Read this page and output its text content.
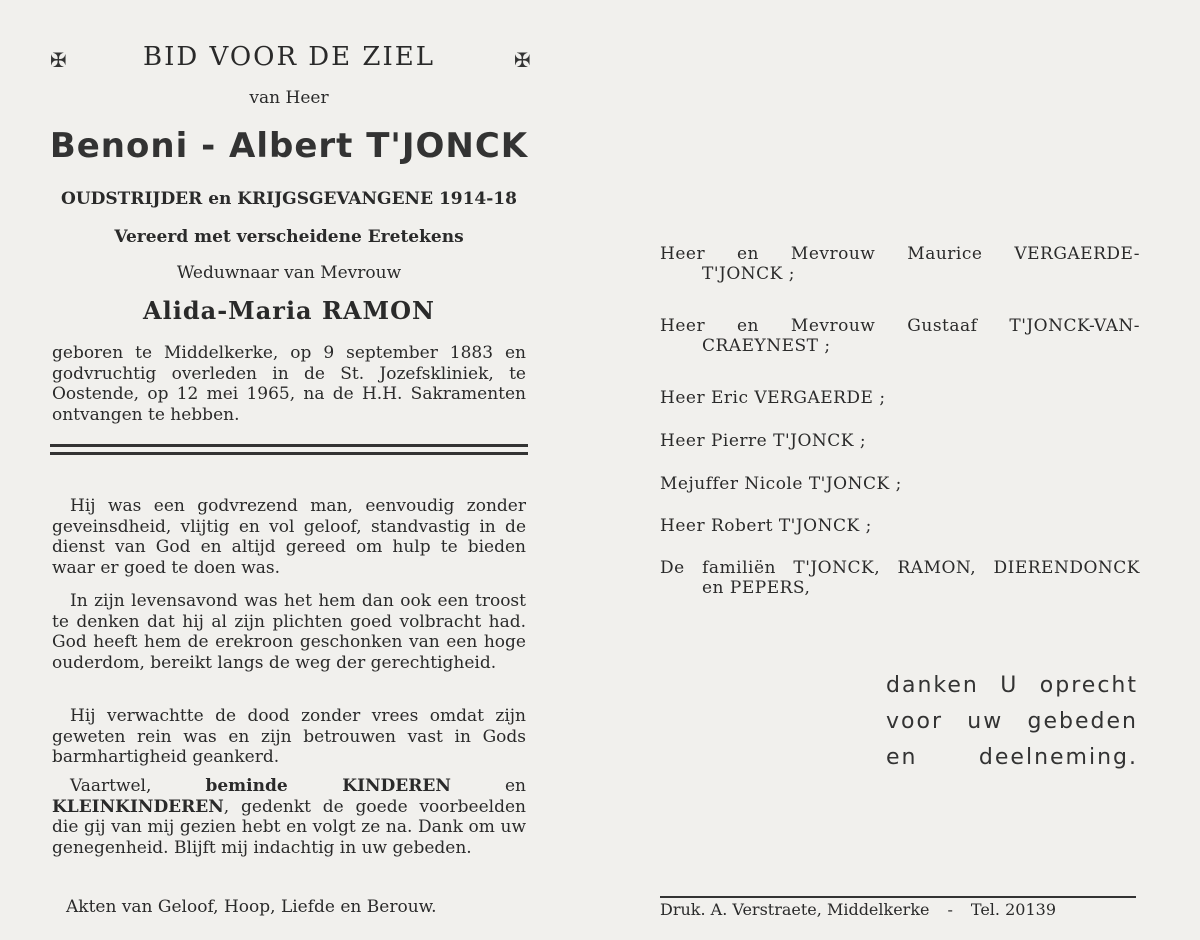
✠	✠
BID VOOR DE ZIEL
van Heer
Benoni - Albert T'JONCK
OUDSTRIJDER en KRIJGSGEVANGENE 1914-18
Vereerd met verscheidene Eretekens
Weduwnaar van Mevrouw
Alida-Maria RAMON
geboren te Middelkerke, op 9 september 1883 en godvruchtig overleden in de St. Jozefskliniek, te Oostende, op 12 mei 1965, na de H.H. Sakramenten ontvangen te hebben.
Hij was een godvrezend man, eenvoudig zonder geveinsdheid, vlijtig en vol geloof, standvastig in de dienst van God en altijd gereed om hulp te bieden waar er goed te doen was.
In zijn levensavond was het hem dan ook een troost te denken dat hij al zijn plichten goed volbracht had. God heeft hem de erekroon geschonken van een hoge ouderdom, bereikt langs de weg der gerechtigheid.
Hij verwachtte de dood zonder vrees omdat zijn geweten rein was en zijn betrouwen vast in Gods barmhartigheid geankerd.
Vaartwel, beminde KINDEREN en KLEINKINDEREN, gedenkt de goede voorbeelden die gij van mij gezien hebt en volgt ze na. Dank om uw genegenheid. Blijft mij indachtig in uw gebeden.
Akten van Geloof, Hoop, Liefde en Berouw.
Heer en Mevrouw Maurice VERGAERDE-
T'JONCK ;
Heer en Mevrouw Gustaaf T'JONCK-VAN-
CRAEYNEST ;
Heer Eric VERGAERDE ;
Heer Pierre T'JONCK ;
Mejuffer Nicole T'JONCK ;
Heer Robert T'JONCK ;
De familiën T'JONCK, RAMON, DIERENDONCK
en PEPERS,
danken U oprecht
voor uw gebeden
en deelneming.
Druk. A. Verstraete, Middelkerke - Tel. 20139
